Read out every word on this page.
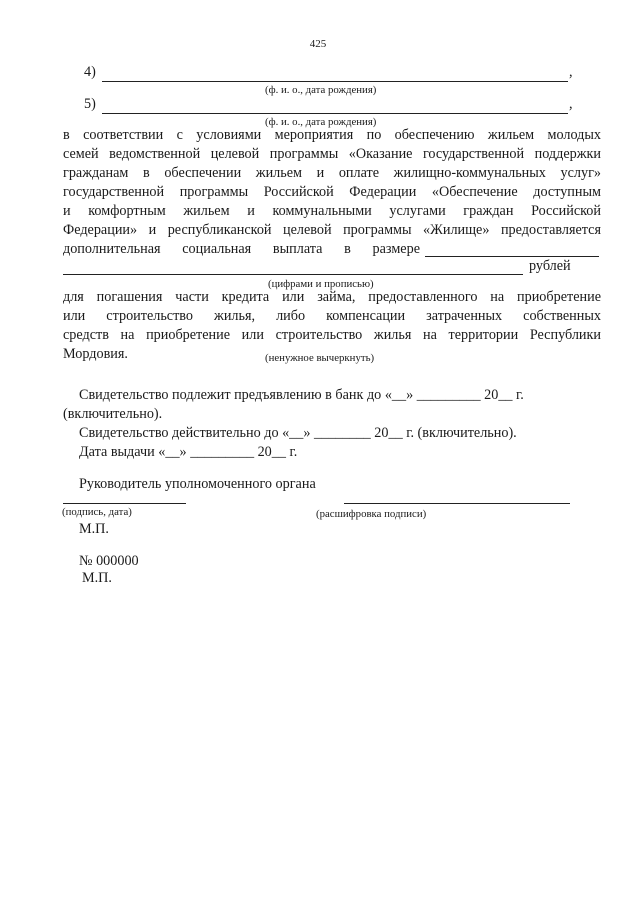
425
4)	,
(ф. и. о., дата рождения)
5)	,
(ф. и. о., дата рождения)
в соответствии с условиями мероприятия по обеспечению жильем молодых
семей ведомственной целевой программы «Оказание государственной поддержки
гражданам в обеспечении жильем и оплате жилищно-коммунальных услуг»
государственной программы Российской Федерации «Обеспечение доступным
и комфортным жильем и коммунальными услугами граждан Российской
Федерации» и республиканской целевой программы «Жилище» предоставляется
дополнительная социальная выплата в размере
рублей
(цифрами и прописью)
для погашения части кредита или займа, предоставленного на приобретение
или строительство жилья, либо компенсации затраченных собственных
средств на приобретение или строительство жилья на территории Республики
Мордовия.	(ненужное вычеркнуть)
Свидетельство подлежит предъявлению в банк до «__» _________ 20__ г.
(включительно).
Свидетельство действительно до «__» ________ 20__ г. (включительно).
Дата выдачи «__» _________ 20__ г.
Руководитель уполномоченного органа
(подпись, дата)	(расшифровка подписи)
М.П.
№ 000000
М.П.
